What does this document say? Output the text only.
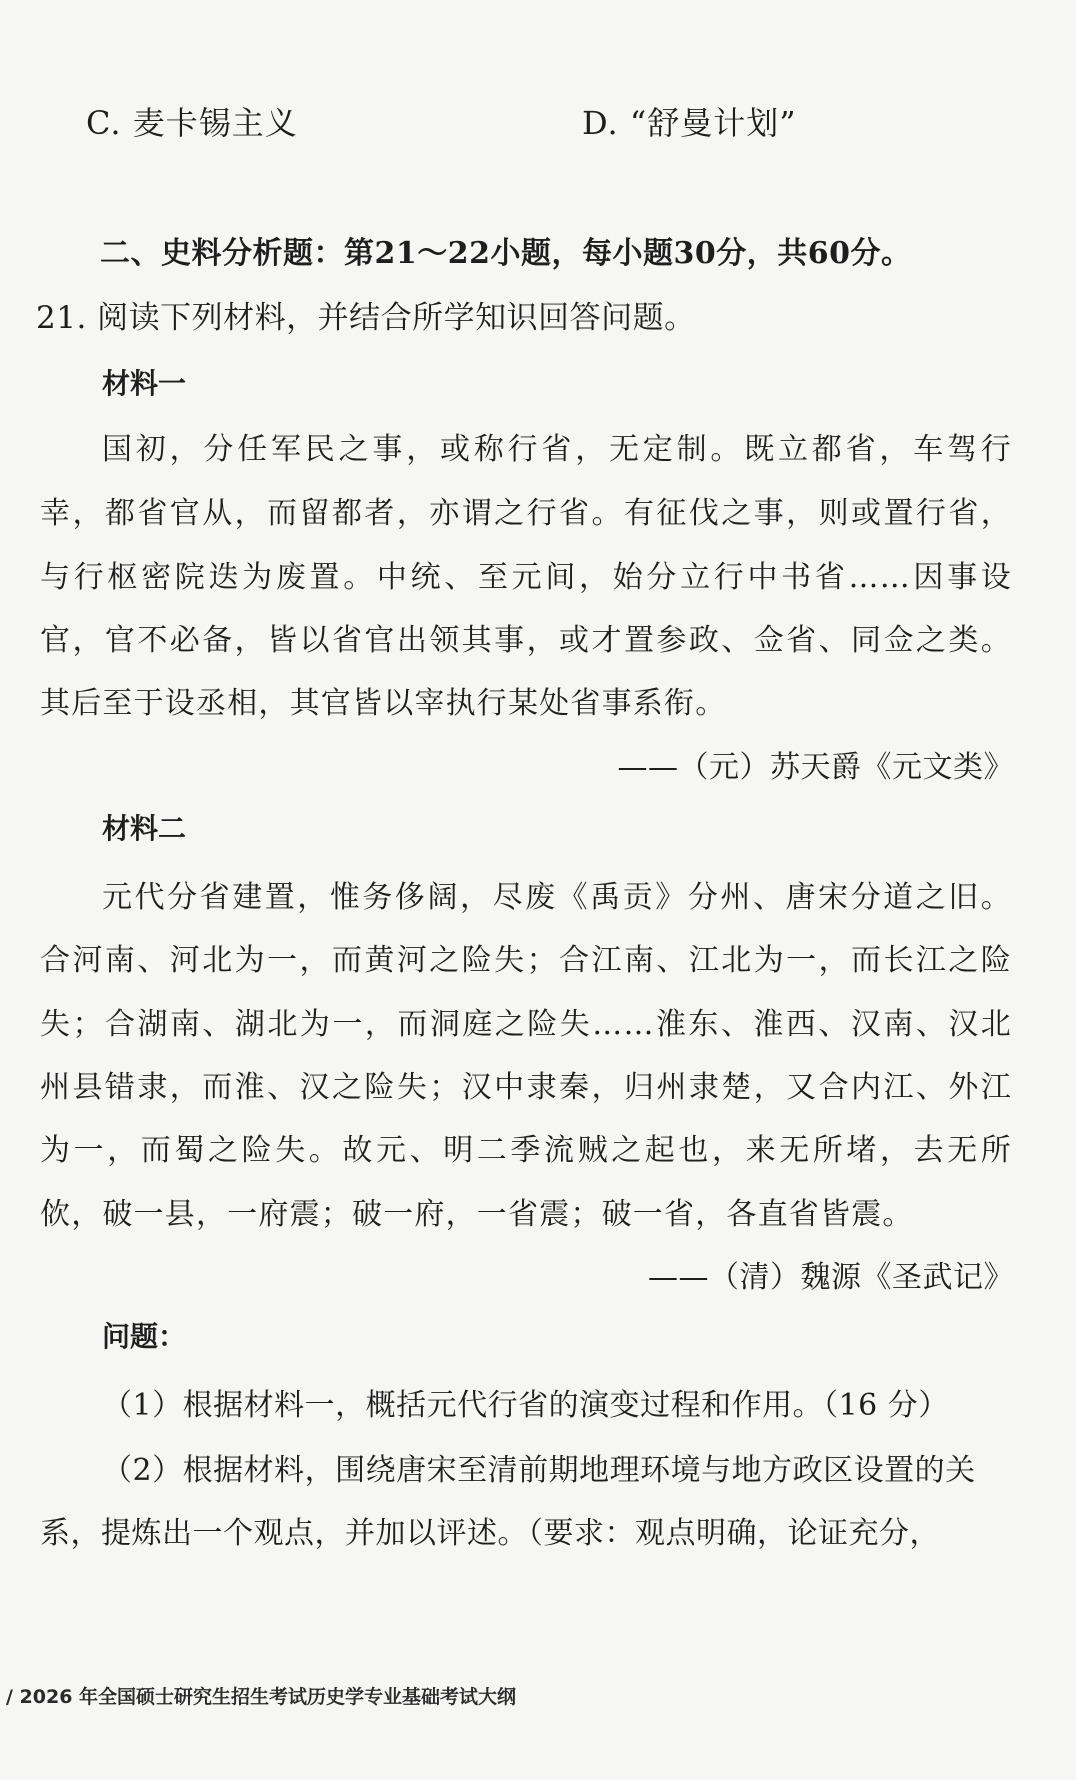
C. 麦卡锡主义	D. “舒曼计划”
二、史料分析题：第21～22小题，每小题30分，共60分。
21. 阅读下列材料，并结合所学知识回答问题。
材料一
国初，分任军民之事，或称行省，无定制。既立都省，车驾行
幸，都省官从，而留都者，亦谓之行省。有征伐之事，则或置行省，
与行枢密院迭为废置。中统、至元间，始分立行中书省……因事设
官，官不必备，皆以省官出领其事，或才置参政、佥省、同佥之类。
其后至于设丞相，其官皆以宰执行某处省事系衔。
——（元）苏天爵《元文类》
材料二
元代分省建置，惟务侈阔，尽废《禹贡》分州、唐宋分道之旧。
合河南、河北为一，而黄河之险失；合江南、江北为一，而长江之险
失；合湖南、湖北为一，而洞庭之险失……淮东、淮西、汉南、汉北
州县错隶，而淮、汉之险失；汉中隶秦，归州隶楚，又合内江、外江
为一，而蜀之险失。故元、明二季流贼之起也，来无所堵，去无所
佽，破一县，一府震；破一府，一省震；破一省，各直省皆震。
——（清）魏源《圣武记》
问题：
（1）根据材料一，概括元代行省的演变过程和作用。（16 分）
（2）根据材料，围绕唐宋至清前期地理环境与地方政区设置的关
系，提炼出一个观点，并加以评述。（要求：观点明确，论证充分，
/ 2026 年全国硕士研究生招生考试历史学专业基础考试大纲
